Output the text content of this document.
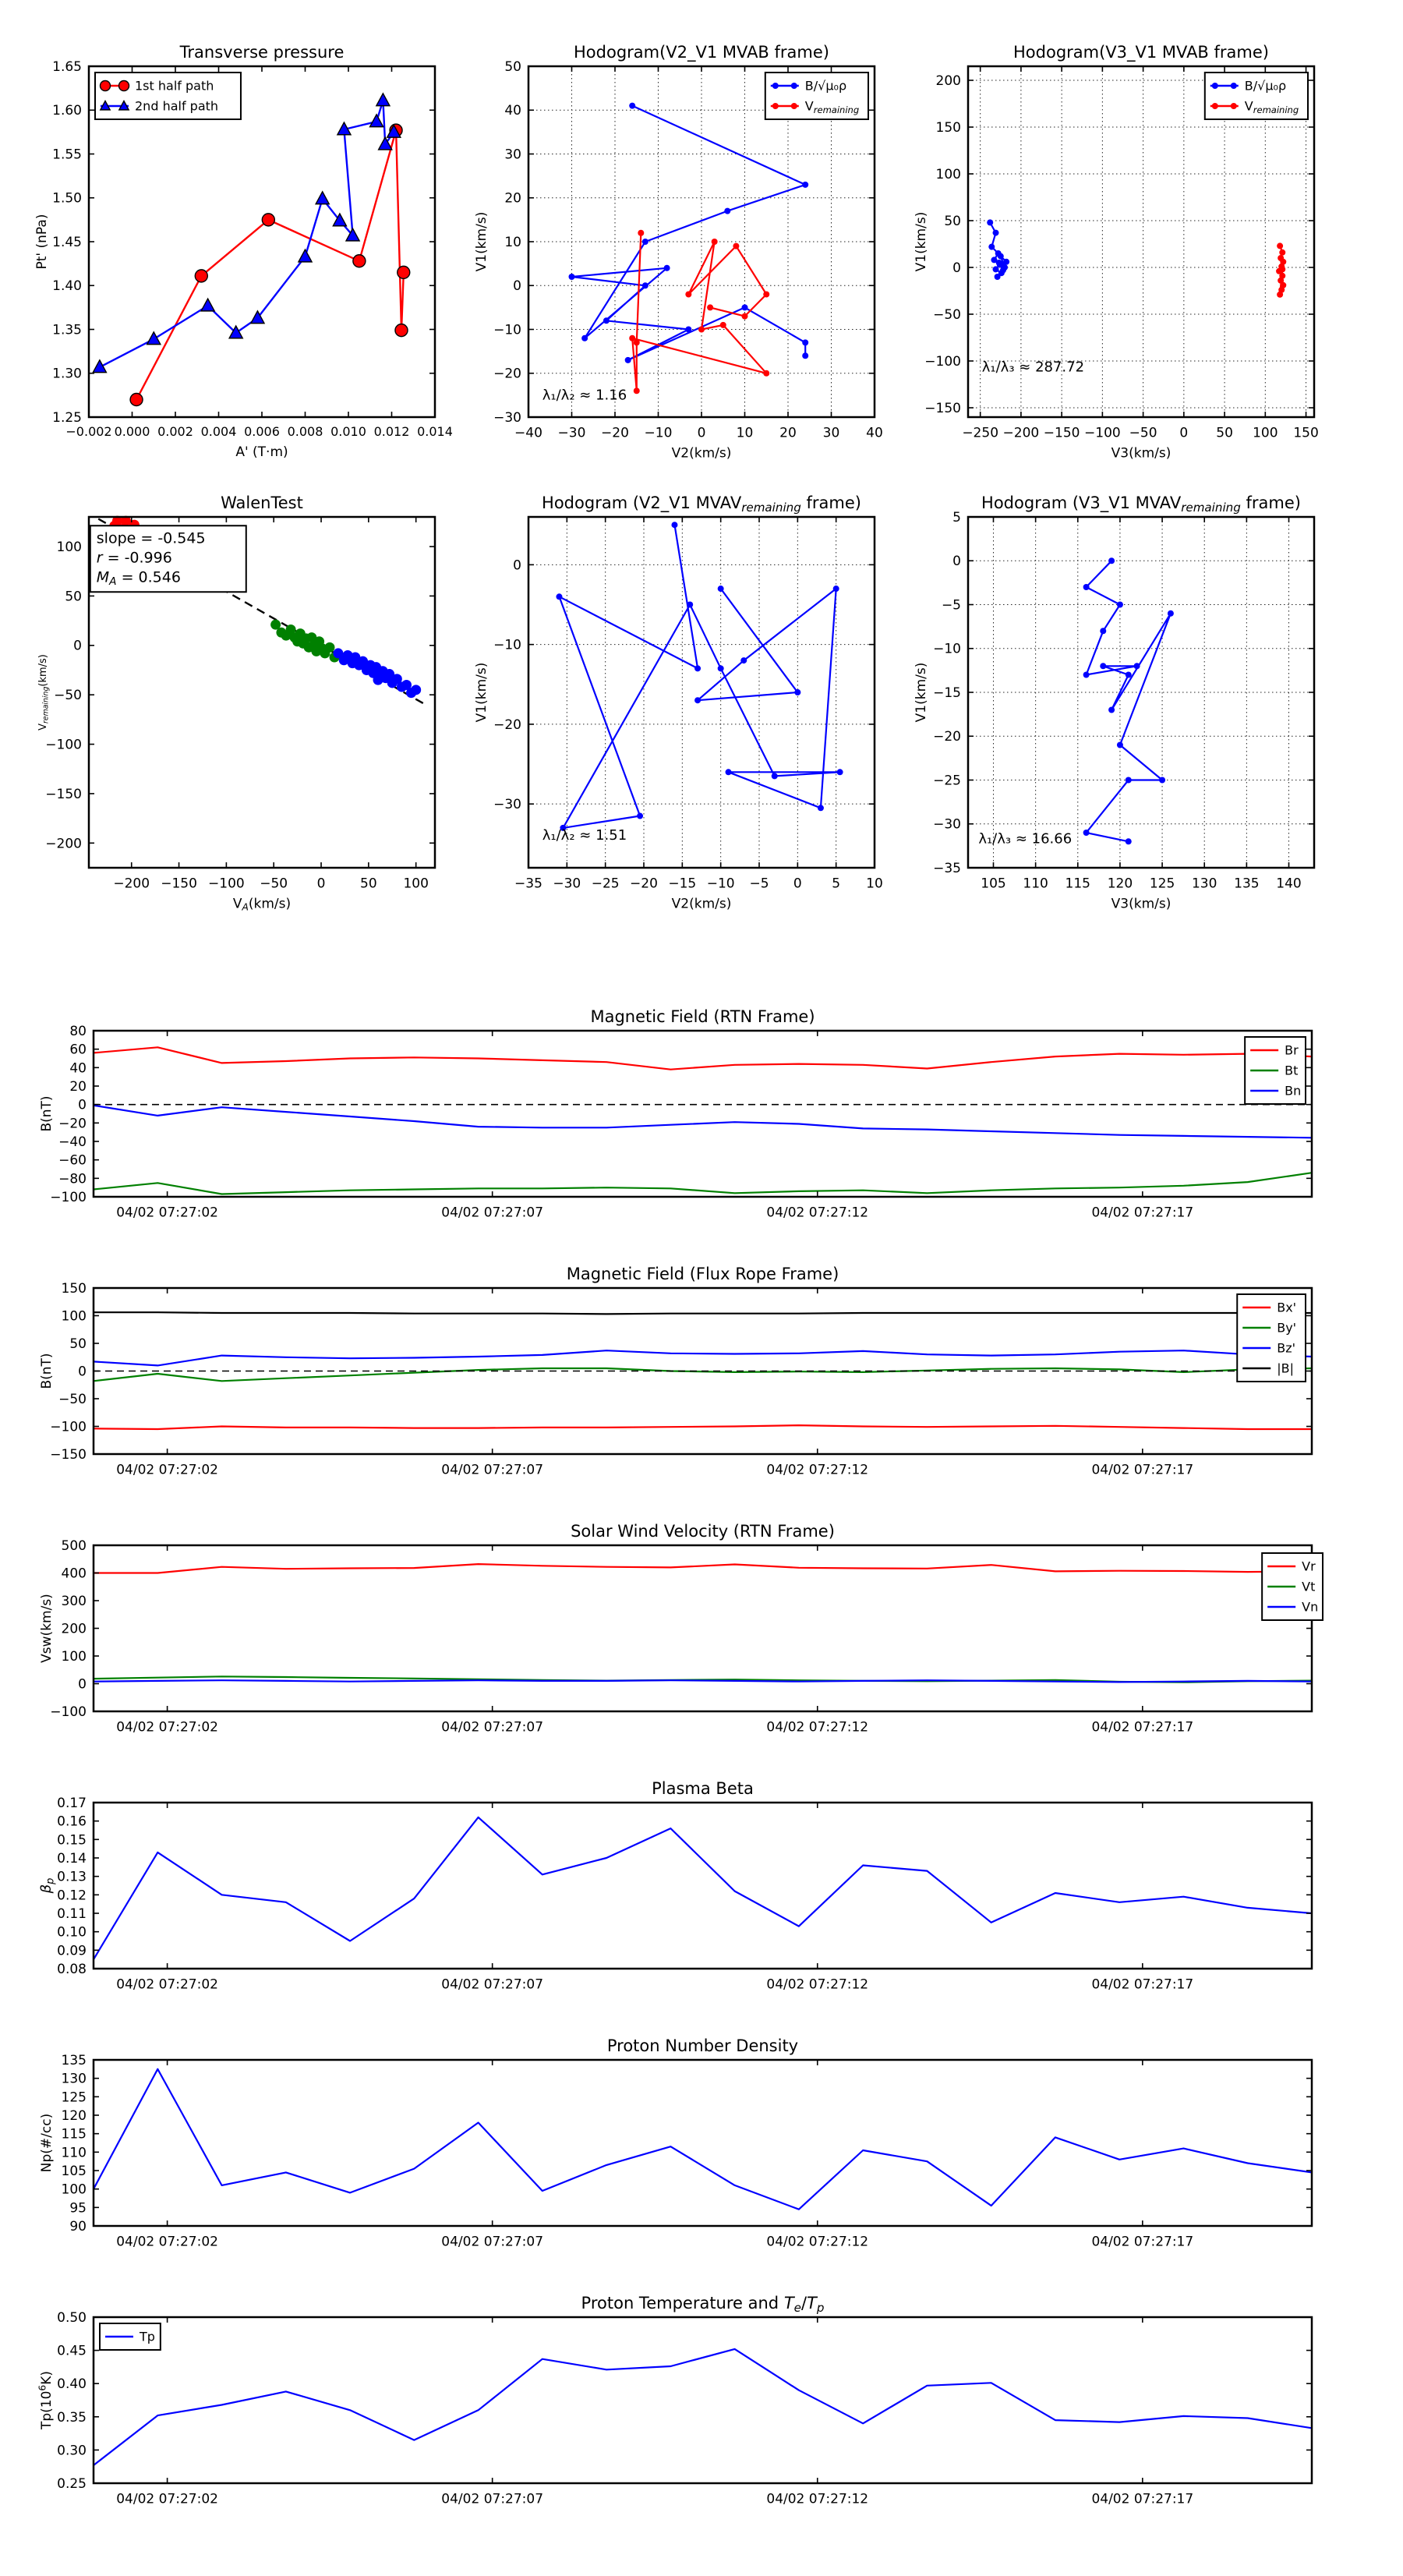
−0.002 0.000 0.002 0.004 0.006 0.008 0.010 0.012 0.014
1.25
1.30
1.35
1.40
1.45
1.50
1.55
1.60
1.65
Transverse pressure
A' (T·m)
Pt' (nPa)
1st half path
2nd half path
−40 −30 −20 −10 0 10 20 30 40
−30
−20
−10
0
10
20
30
40
50
Hodogram(V2_V1 MVAB frame)
V2(km/s)
V1(km/s)
λ₁/λ₂ ≈ 1.16
B/√μ₀ρ
$V_{remaining}$
−250 −200 −150 −100 −50 0 50 100 150
−150
−100
−50
0
50
100
150
200
Hodogram(V3_V1 MVAB frame)
V3(km/s)
V1(km/s)
λ₁/λ₃ ≈ 287.72
B/√μ₀ρ
$V_{remaining}$
−200 −150 −100 −50 0	50 100
−200
−150
−100
−50
0
50
100
WalenTest
$V_A(km/s)$
$V_{remaining}(km/s)$
slope = -0.545
r = -0.996
$M_A = 0.546$
−35 −30 −25 −20 −15 −10 −5 0 5 10
0
−10
−20
−30
Hodogram (V2_V1 $MVAV_{remaining}$ frame)
V2(km/s)
V1(km/s)
λ₁/λ₂ ≈ 1.51
105 110 115 120 125 130 135 140
5
0
−5
−10
−15
−20
−25
−30
−35
Hodogram (V3_V1 $MVAV_{remaining}$ frame)
V3(km/s)
V1(km/s)
λ₁/λ₃ ≈ 16.66
04/02 07:27:02	04/02 07:27:07	04/02 07:27:12	04/02 07:27:17
80
60
40
20
0
−20
−40
−60
−80
−100
Magnetic Field (RTN Frame)
B(nT)
Br
Bt
Bn
04/02 07:27:02	04/02 07:27:07	04/02 07:27:12	04/02 07:27:17
150
100
50
0
−50
−100
−150
Magnetic Field (Flux Rope Frame)
B(nT)
Bx'
By'
Bz'
|B|
04/02 07:27:02	04/02 07:27:07	04/02 07:27:12	04/02 07:27:17
500
400
300
200
100
0
−100
Solar Wind Velocity (RTN Frame)
Vsw(km/s)
Vr
Vt
Vn
04/02 07:27:02	04/02 07:27:07	04/02 07:27:12	04/02 07:27:17
0.17
0.16
0.15
0.14
0.13
0.12
0.11
0.10
0.09
0.08
Plasma Beta
$\beta_p$
04/02 07:27:02	04/02 07:27:07	04/02 07:27:12	04/02 07:27:17
135
130
125
120
115
110
105
100
95
90
Proton Number Density
Np(#/cc)
04/02 07:27:02	04/02 07:27:07	04/02 07:27:12	04/02 07:27:17
0.50
0.45
0.40
0.35
0.30
0.25
Proton Temperature and $T_e/T_p$
$Tp(10^6K)$
Tp
